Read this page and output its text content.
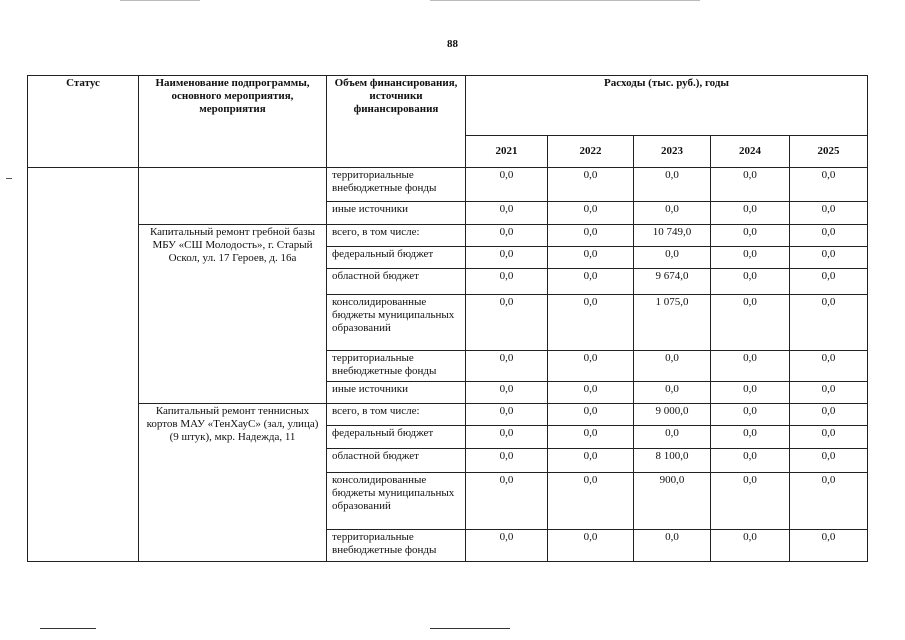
88
Статус	Наименование подпрограммы, основного мероприятия, мероприятия	Объем финансирования, источники финансирования	Расходы (тыс. руб.), годы				
			2021	2022	2023	2024	2025
		территориальные внебюджетные фонды	0,0	0,0	0,0	0,0	0,0
		иные источники	0,0	0,0	0,0	0,0	0,0
	Капитальный ремонт гребной базы МБУ «СШ Молодость», г. Старый Оскол, ул. 17 Героев, д. 16а	всего, в том числе:	0,0	0,0	10 749,0	0,0	0,0
		федеральный бюджет	0,0	0,0	0,0	0,0	0,0
		областной бюджет	0,0	0,0	9 674,0	0,0	0,0
		консолидированные бюджеты муниципальных образований	0,0	0,0	1 075,0	0,0	0,0
		территориальные внебюджетные фонды	0,0	0,0	0,0	0,0	0,0
		иные источники	0,0	0,0	0,0	0,0	0,0
	Капитальный ремонт теннисных кортов МАУ «ТенХауС» (зал, улица) (9 штук), мкр. Надежда, 11	всего, в том числе:	0,0	0,0	9 000,0	0,0	0,0
		федеральный бюджет	0,0	0,0	0,0	0,0	0,0
		областной бюджет	0,0	0,0	8 100,0	0,0	0,0
		консолидированные бюджеты муниципальных образований	0,0	0,0	900,0	0,0	0,0
		территориальные внебюджетные фонды	0,0	0,0	0,0	0,0	0,0
